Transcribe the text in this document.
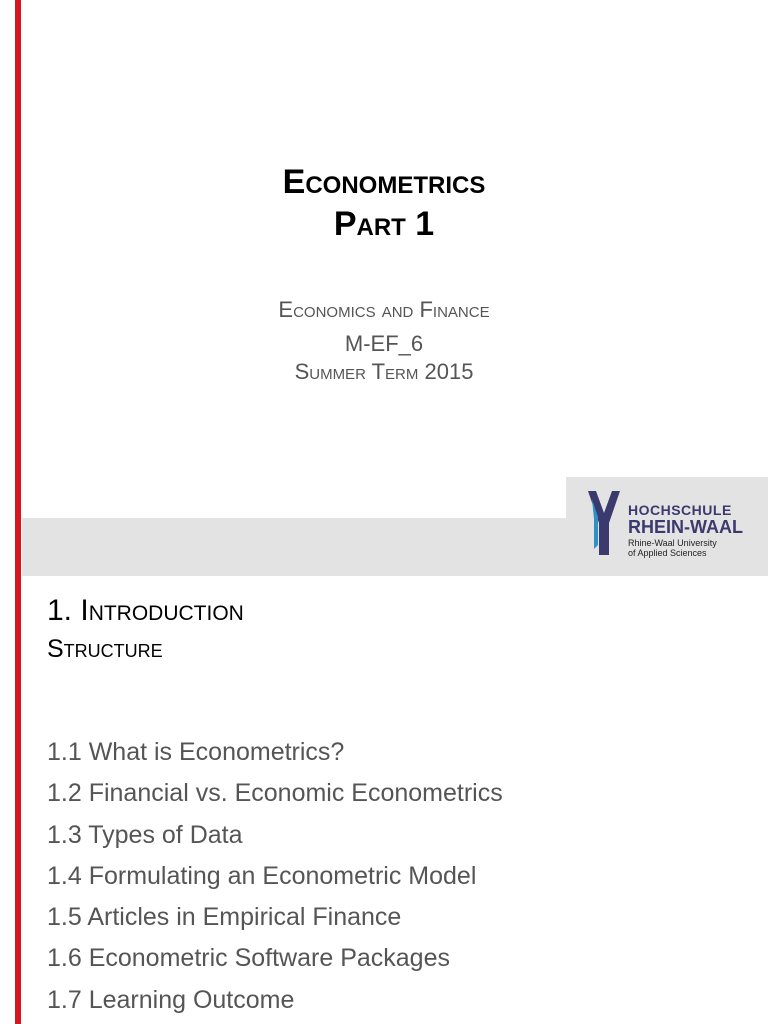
Econometrics
Part 1
Economics and Finance
M-EF_6
Summer Term 2015
HOCHSCHULE
RHEIN-WAAL
Rhine-Waal University
of Applied Sciences
1. Introduction
Structure
1.1 What is Econometrics?
1.2 Financial vs. Economic Econometrics
1.3 Types of Data
1.4 Formulating an Econometric Model
1.5 Articles in Empirical Finance
1.6 Econometric Software Packages
1.7 Learning Outcome
